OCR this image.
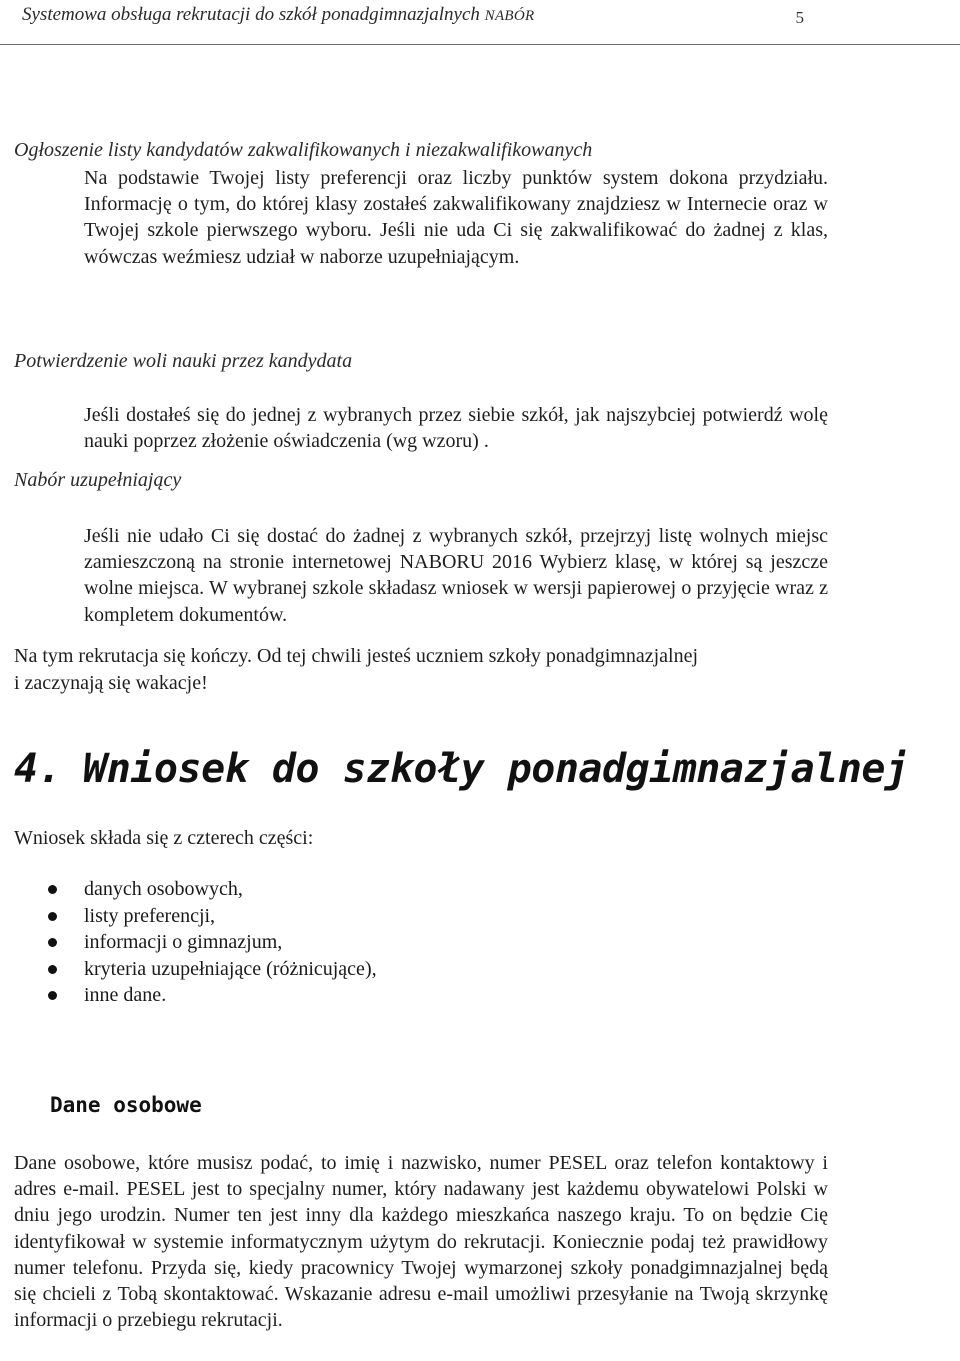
Systemowa obsługa rekrutacji do szkół ponadgimnazjalnych NABÓR	5
Ogłoszenie listy kandydatów zakwalifikowanych i niezakwalifikowanych

Na podstawie Twojej listy preferencji oraz liczby punktów system dokona przydziału. Informację o tym, do której klasy zostałeś zakwalifikowany znajdziesz w Internecie oraz w Twojej szkole pierwszego wyboru. Jeśli nie uda Ci się zakwalifikować do żadnej z klas, wówczas weźmiesz udział w naborze uzupełniającym.

Potwierdzenie woli nauki przez kandydata

Jeśli dostałeś się do jednej z wybranych przez siebie szkół, jak najszybciej potwierdź wolę nauki poprzez złożenie oświadczenia (wg wzoru) .

Nabór uzupełniający

Jeśli nie udało Ci się dostać do żadnej z wybranych szkół, przejrzyj listę wolnych miejsc zamieszczoną na stronie internetowej NABORU 2016 Wybierz klasę, w której są jeszcze wolne miejsca. W wybranej szkole składasz wniosek w wersji papierowej o przyjęcie wraz z kompletem dokumentów.

Na tym rekrutacja się kończy. Od tej chwili jesteś uczniem szkoły ponadgimnazjalnej
i zaczynają się wakacje!
4. Wniosek do szkoły ponadgimnazjalnej
Wniosek składa się z czterech części:
danych osobowych,
listy preferencji,
informacji o gimnazjum,
kryteria uzupełniające (różnicujące),
inne dane.
Dane osobowe

Dane osobowe, które musisz podać, to imię i nazwisko, numer PESEL oraz telefon kontaktowy i adres e-mail. PESEL jest to specjalny numer, który nadawany jest każdemu obywatelowi Polski w dniu jego urodzin. Numer ten jest inny dla każdego mieszkańca naszego kraju. To on będzie Cię identyfikował w systemie informatycznym użytym do rekrutacji. Koniecznie podaj też prawidłowy numer telefonu. Przyda się, kiedy pracownicy Twojej wymarzonej szkoły ponadgimnazjalnej będą się chcieli z Tobą skontaktować. Wskazanie adresu e-mail umożliwi przesyłanie na Twoją skrzynkę informacji o przebiegu rekrutacji.
